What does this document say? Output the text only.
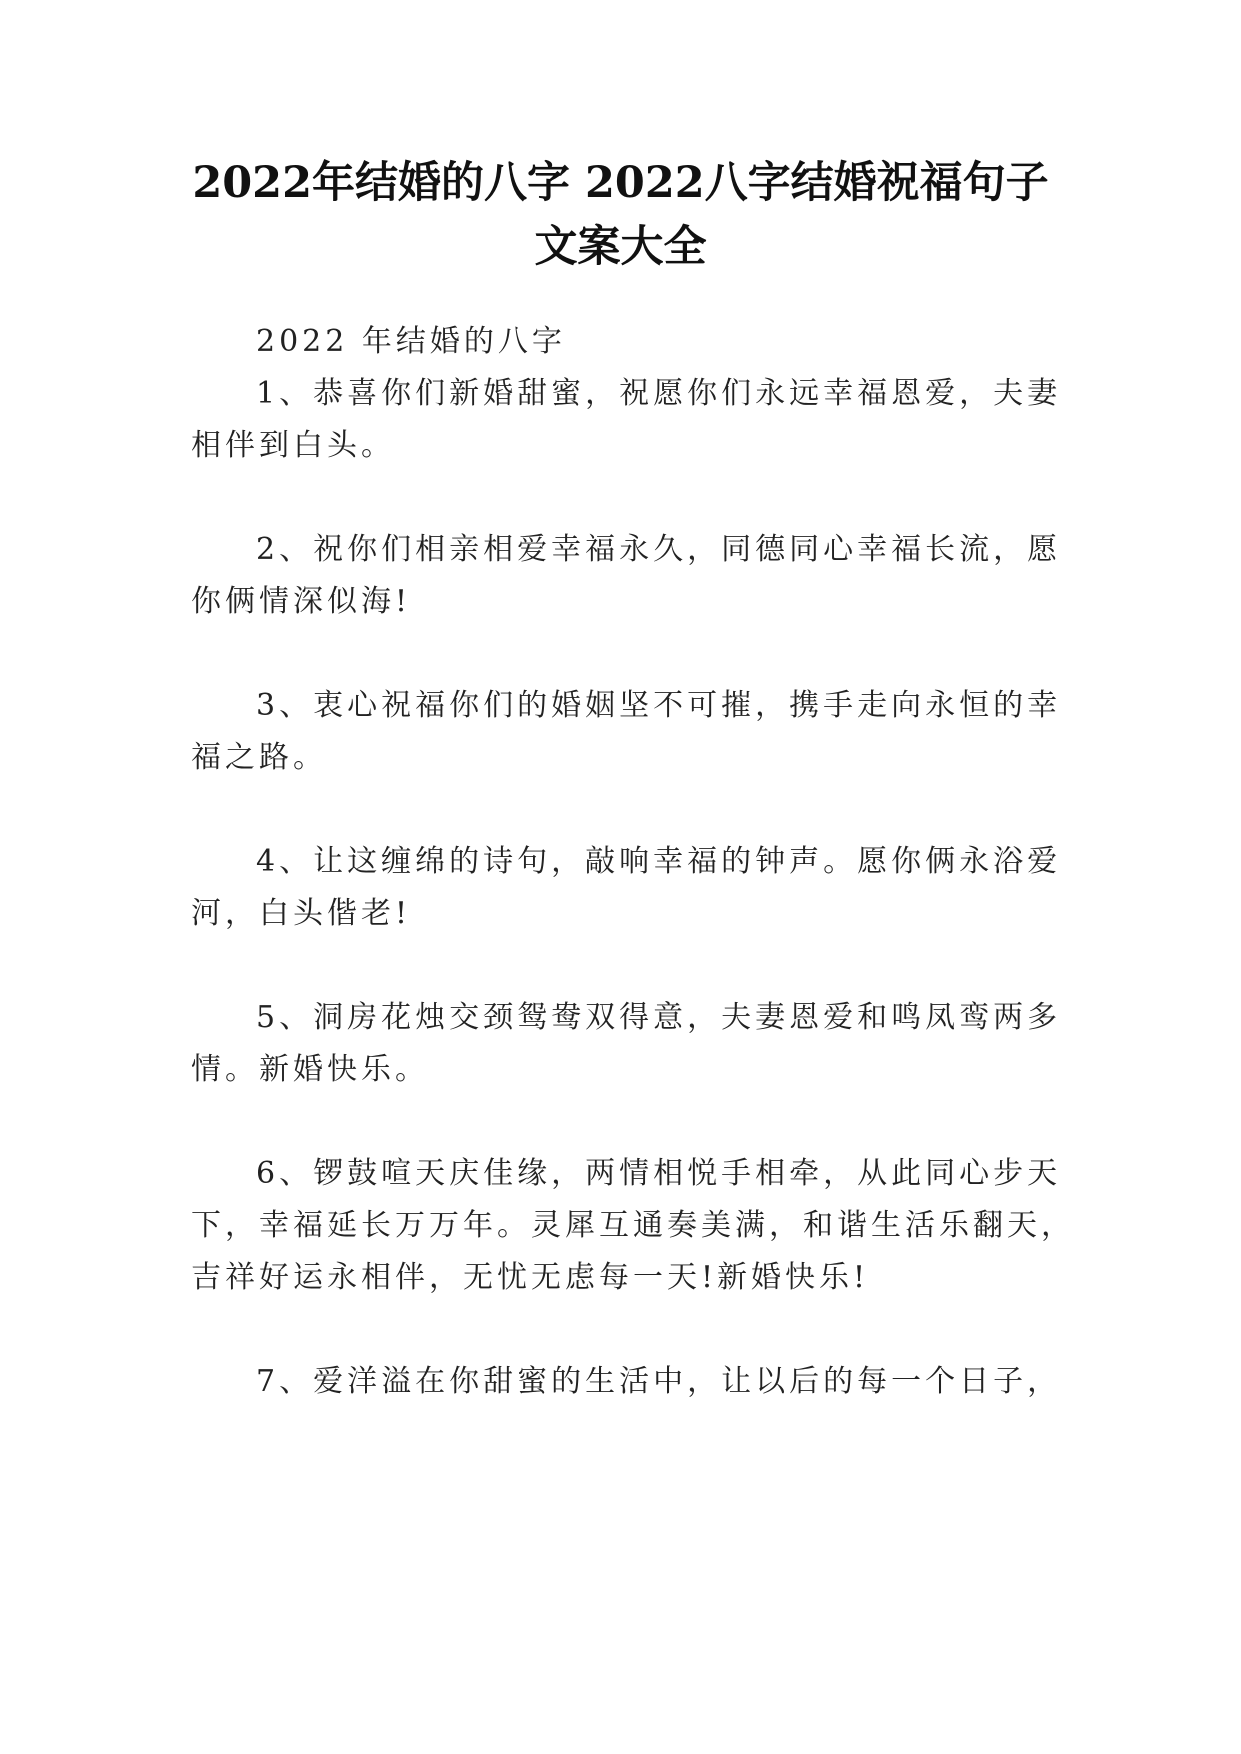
2022年结婚的八字 2022八字结婚祝福句子
文案大全

2022 年结婚的八字

1、恭喜你们新婚甜蜜，祝愿你们永远幸福恩爱，夫妻

相伴到白头。

2、祝你们相亲相爱幸福永久，同德同心幸福长流，愿

你俩情深似海!

3、衷心祝福你们的婚姻坚不可摧，携手走向永恒的幸

福之路。

4、让这缠绵的诗句，敲响幸福的钟声。愿你俩永浴爱

河，白头偕老!

5、洞房花烛交颈鸳鸯双得意，夫妻恩爱和鸣凤鸾两多

情。新婚快乐。

6、锣鼓喧天庆佳缘，两情相悦手相牵，从此同心步天

下，幸福延长万万年。灵犀互通奏美满，和谐生活乐翻天，

吉祥好运永相伴，无忧无虑每一天!新婚快乐!

7、爱洋溢在你甜蜜的生活中，让以后的每一个日子，
